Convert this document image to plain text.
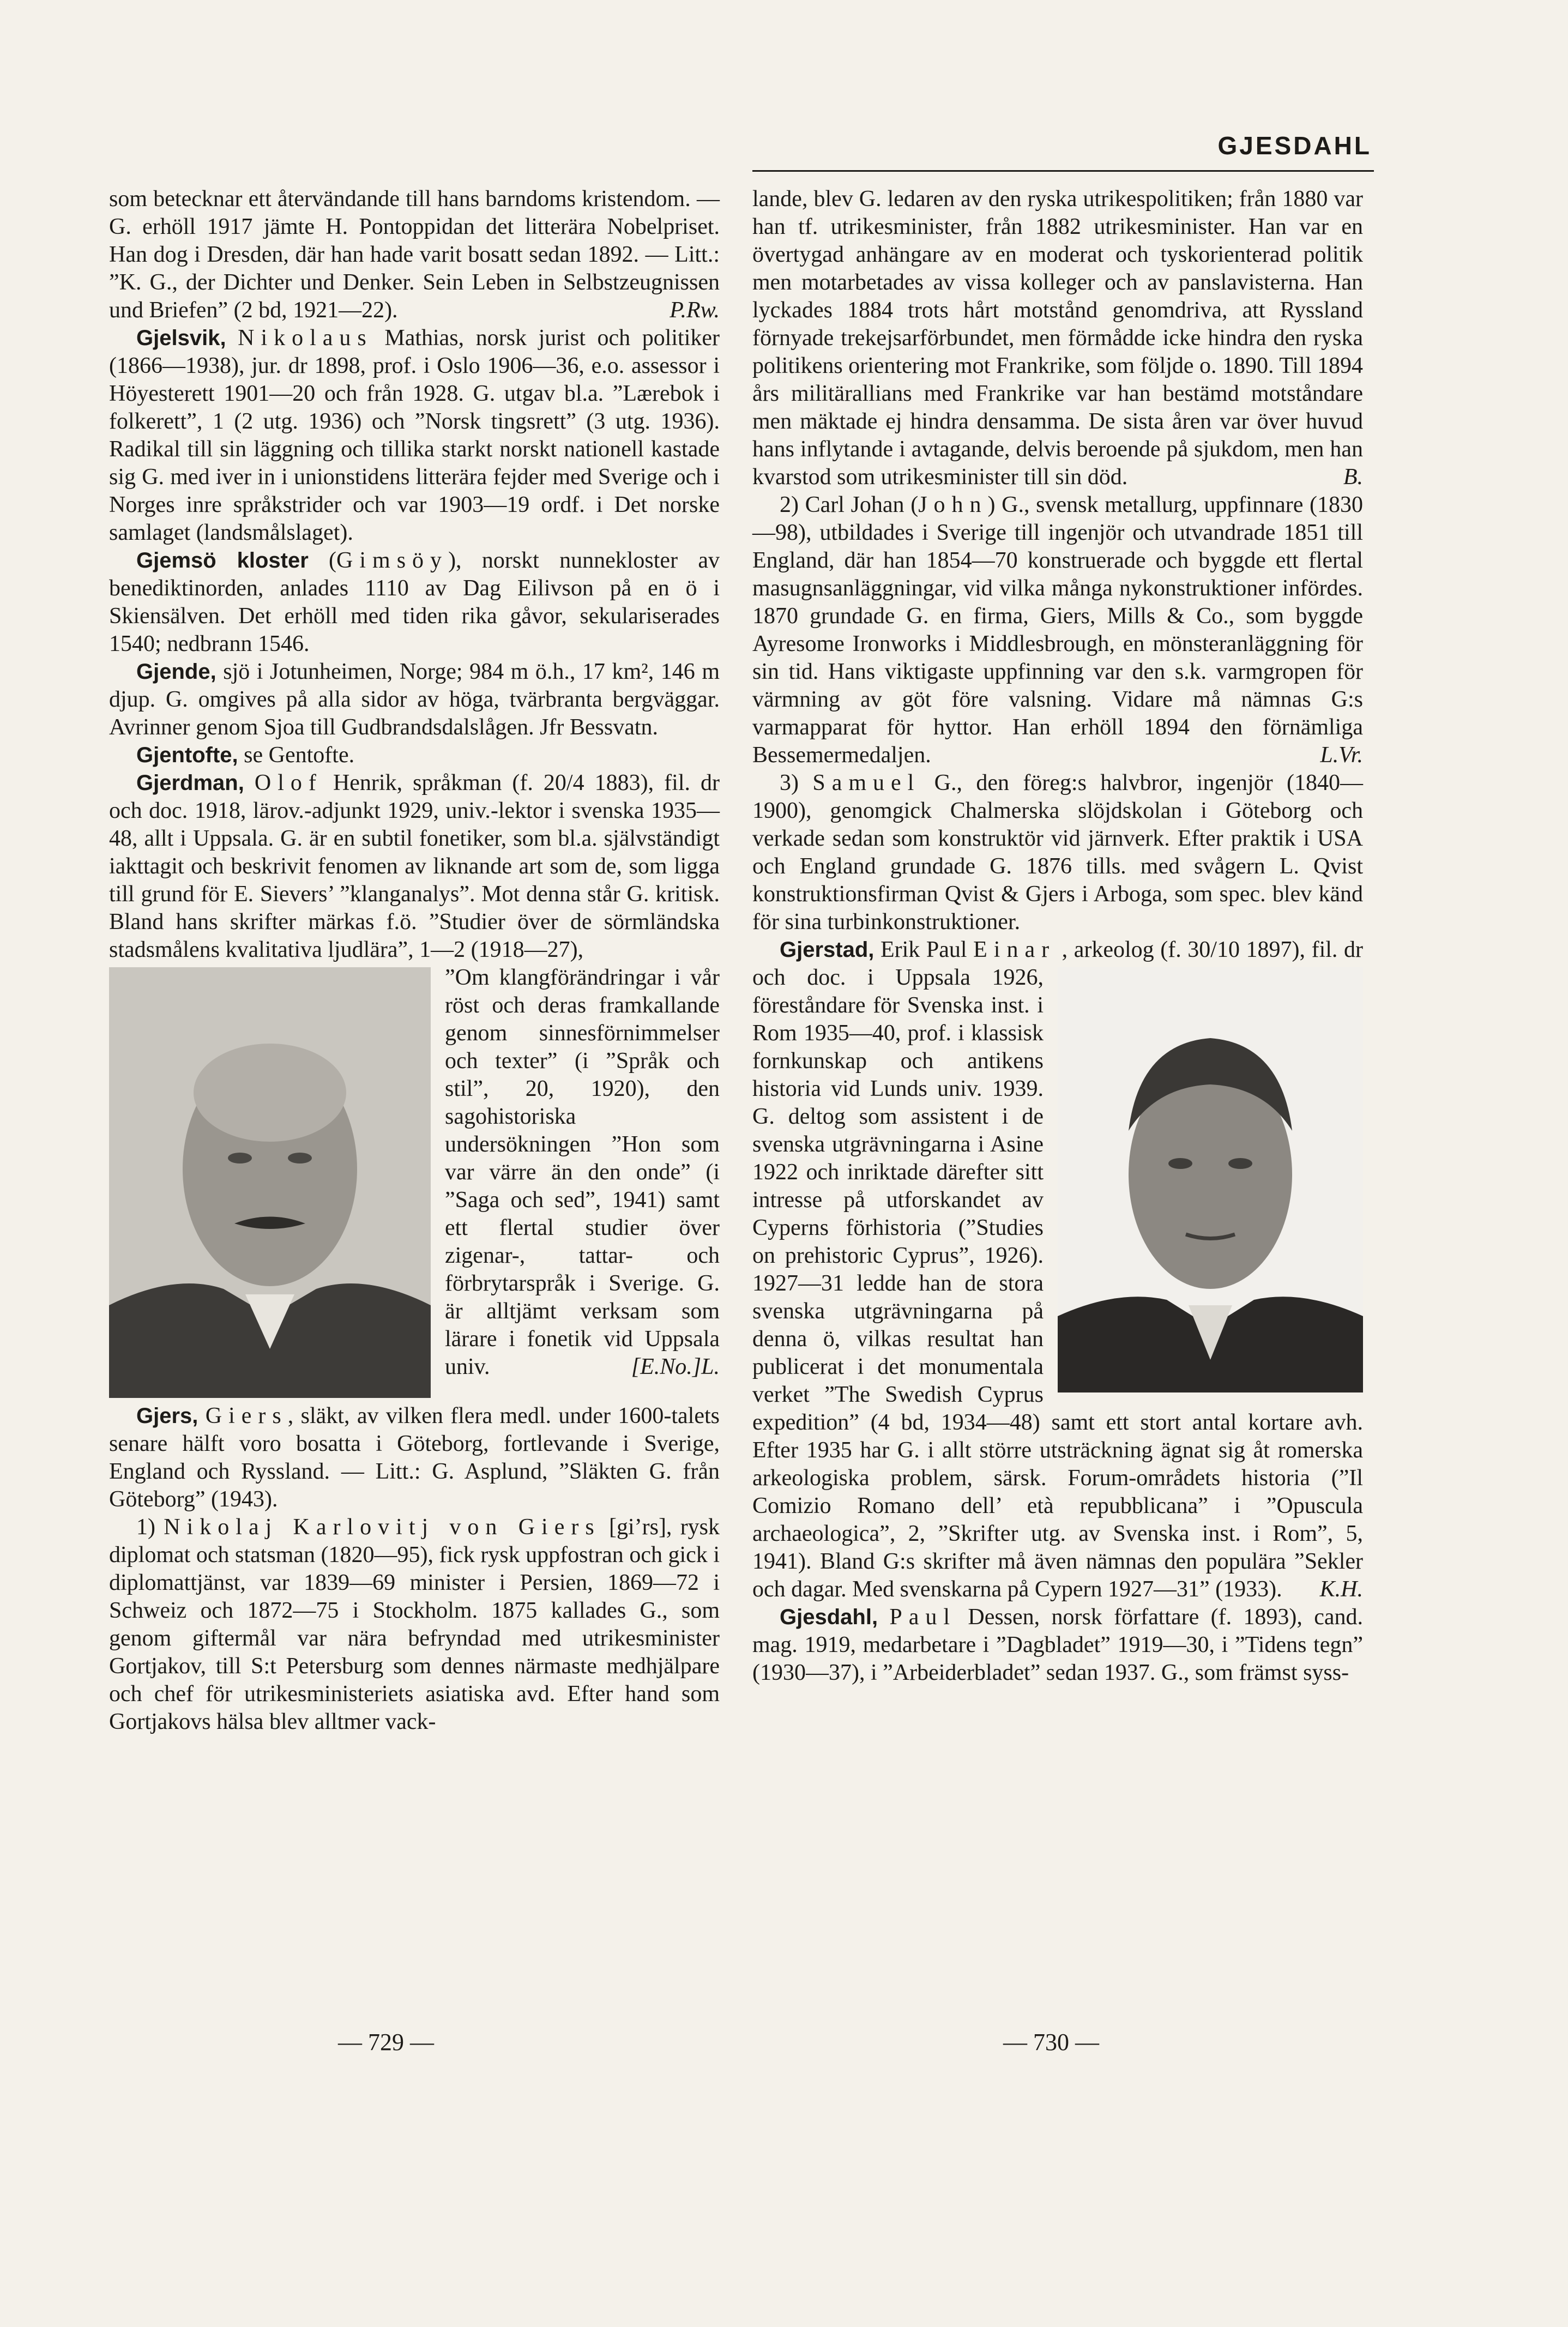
GJESDAHL

som betecknar ett återvändande till hans barndoms kristendom. — G. erhöll 1917 jämte H. Pontoppidan det litterära Nobelpriset. Han dog i Dresden, där han hade varit bosatt sedan 1892. — Litt.: ”K. G., der Dichter und Denker. Sein Leben in Selbstzeugnissen und Briefen” (2 bd, 1921—22).	P.Rw.

Gjelsvik, Nikolaus Mathias, norsk jurist och politiker (1866—1938), jur. dr 1898, prof. i Oslo 1906—36, e.o. assessor i Höyesterett 1901—20 och från 1928. G. utgav bl.a. ”Lærebok i folkerett”, 1 (2 utg. 1936) och ”Norsk tingsrett” (3 utg. 1936). Radikal till sin läggning och tillika starkt norskt nationell kastade sig G. med iver in i unionstidens litterära fejder med Sverige och i Norges inre språkstrider och var 1903—19 ordf. i Det norske samlaget (landsmålslaget).

Gjemsö kloster (Gimsöy), norskt nunnekloster av benediktinorden, anlades 1110 av Dag Eilivson på en ö i Skiensälven. Det erhöll med tiden rika gåvor, sekulariserades 1540; nedbrann 1546.

Gjende, sjö i Jotunheimen, Norge; 984 m ö.h., 17 km², 146 m djup. G. omgives på alla sidor av höga, tvärbranta bergväggar. Avrinner genom Sjoa till Gudbrandsdalslågen. Jfr Bessvatn.

Gjentofte, se Gentofte.

Gjerdman, Olof Henrik, språkman (f. 20/4 1883), fil. dr och doc. 1918, lärov.-adjunkt 1929, univ.-lektor i svenska 1935—48, allt i Uppsala. G. är en subtil fonetiker, som bl.a. självständigt iakttagit och beskrivit fenomen av liknande art som de, som ligga till grund för E. Sievers’ ”klanganalys”. Mot denna står G. kritisk. Bland hans skrifter märkas f.ö. ”Studier över de sörmländska stadsmålens kvalitativa ljudlära”, 1—2 (1918—27),

”Om klangförändringar i vår röst och deras framkallande genom sinnesförnimmelser och texter” (i ”Språk och stil”, 20, 1920), den sagohistoriska undersökningen ”Hon som var värre än den onde” (i ”Saga och sed”, 1941) samt ett flertal studier över zigenar-, tattar- och förbrytarspråk i Sverige. G. är alltjämt verksam som lärare i fonetik vid Uppsala univ.	[E.No.]L.

Gjers, Giers, släkt, av vilken flera medl. under 1600-talets senare hälft voro bosatta i Göteborg, fortlevande i Sverige, England och Ryssland. — Litt.: G. Asplund, ”Släkten G. från Göteborg” (1943).

1) Nikolaj Karlovitj von Giers [gi’rs], rysk diplomat och statsman (1820—95), fick rysk uppfostran och gick i diplomattjänst, var 1839—69 minister i Persien, 1869—72 i Schweiz och 1872—75 i Stockholm. 1875 kallades G., som genom giftermål var nära befryndad med utrikesminister Gortjakov, till S:t Petersburg som dennes närmaste medhjälpare och chef för utrikesministeriets asiatiska avd. Efter hand som Gortjakovs hälsa blev alltmer vack-

lande, blev G. ledaren av den ryska utrikespolitiken; från 1880 var han tf. utrikesminister, från 1882 utrikesminister. Han var en övertygad anhängare av en moderat och tyskorienterad politik men motarbetades av vissa kolleger och av panslavisterna. Han lyckades 1884 trots hårt motstånd genomdriva, att Ryssland förnyade trekejsarförbundet, men förmådde icke hindra den ryska politikens orientering mot Frankrike, som följde o. 1890. Till 1894 års militärallians med Frankrike var han bestämd motståndare men mäktade ej hindra densamma. De sista åren var över huvud hans inflytande i avtagande, delvis beroende på sjukdom, men han kvarstod som utrikesminister till sin död.	B.

2) Carl Johan (John) G., svensk metallurg, uppfinnare (1830—98), utbildades i Sverige till ingenjör och utvandrade 1851 till England, där han 1854—70 konstruerade och byggde ett flertal masugnsanläggningar, vid vilka många nykonstruktioner infördes. 1870 grundade G. en firma, Giers, Mills & Co., som byggde Ayresome Ironworks i Middlesbrough, en mönsteranläggning för sin tid. Hans viktigaste uppfinning var den s.k. varmgropen för värmning av göt före valsning. Vidare må nämnas G:s varmapparat för hyttor. Han erhöll 1894 den förnämliga Bessemermedaljen.	L.Vr.

3) Samuel G., den föreg:s halvbror, ingenjör (1840—1900), genomgick Chalmerska slöjdskolan i Göteborg och verkade sedan som konstruktör vid järnverk. Efter praktik i USA och England grundade G. 1876 tills. med svågern L. Qvist konstruktionsfirman Qvist & Gjers i Arboga, som spec. blev känd för sina turbinkonstruktioner.

Gjerstad, Erik Paul Einar , arkeolog (f. 30/10 1897), fil. dr och doc. i Uppsala 1926, föreståndare för Svenska inst. i Rom 1935—40, prof. i klassisk fornkunskap och antikens historia vid Lunds univ. 1939. G. deltog som assistent i de svenska utgrävningarna i Asine 1922 och inriktade därefter sitt intresse på utforskandet av Cyperns förhistoria (”Studies on prehistoric Cyprus”, 1926). 1927—31 ledde han de stora svenska utgrävningarna på denna ö, vilkas resultat han publicerat i det monumentala verket ”The Swedish Cyprus expedition” (4 bd, 1934—48) samt ett stort antal kortare avh. Efter 1935 har G. i allt större utsträckning ägnat sig åt romerska arkeologiska problem, särsk. Forum-områdets historia (”Il Comizio Romano dell’ età repubblicana” i ”Opuscula archaeologica”, 2, ”Skrifter utg. av Svenska inst. i Rom”, 5, 1941). Bland G:s skrifter må även nämnas den populära ”Sekler och dagar. Med svenskarna på Cypern 1927—31” (1933).	K.H.

Gjesdahl, Paul Dessen, norsk författare (f. 1893), cand. mag. 1919, medarbetare i ”Dagbladet” 1919—30, i ”Tidens tegn” (1930—37), i ”Arbeiderbladet” sedan 1937. G., som främst syss-

— 729 —	— 730 —
